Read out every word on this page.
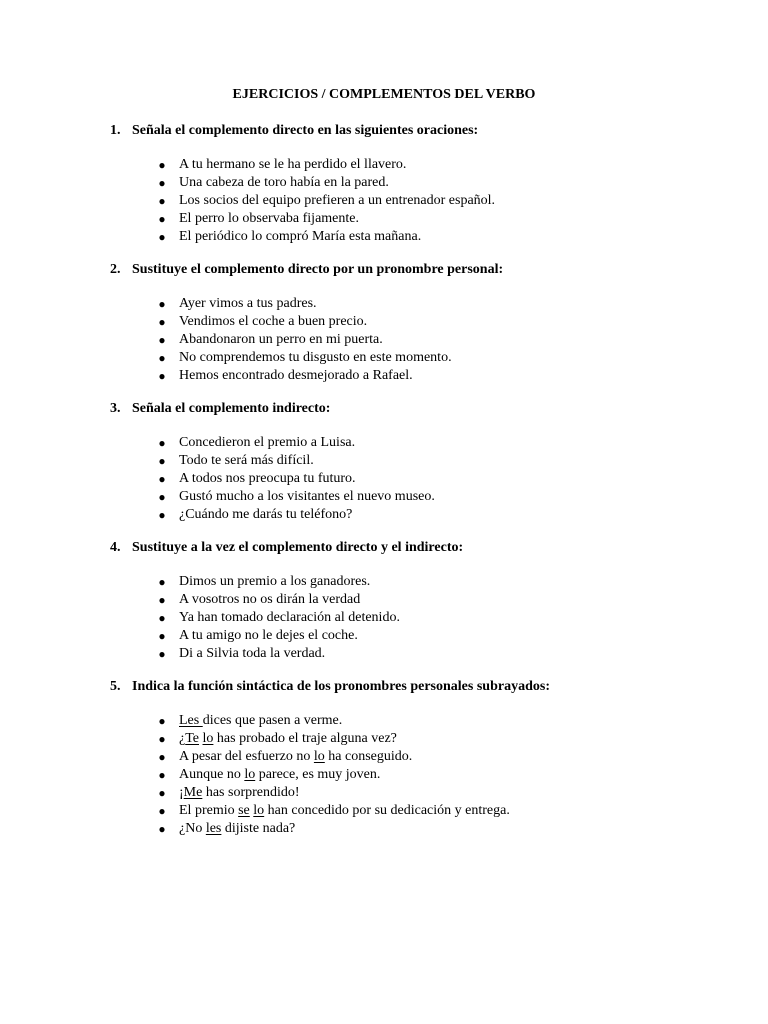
EJERCICIOS / COMPLEMENTOS DEL VERBO
1. Señala el complemento directo en las siguientes oraciones:
● A tu hermano se le ha perdido el llavero.
● Una cabeza de toro había en la pared.
● Los socios del equipo prefieren a un entrenador español.
● El perro lo observaba fijamente.
● El periódico lo compró María esta mañana.
2. Sustituye el complemento directo por un pronombre personal:
● Ayer vimos a tus padres.
● Vendimos el coche a buen precio.
● Abandonaron un perro en mi puerta.
● No comprendemos tu disgusto en este momento.
● Hemos encontrado desmejorado a Rafael.
3. Señala el complemento indirecto:
● Concedieron el premio a Luisa.
● Todo te será más difícil.
● A todos nos preocupa tu futuro.
● Gustó mucho a los visitantes el nuevo museo.
● ¿Cuándo me darás tu teléfono?
4. Sustituye a la vez el complemento directo y el indirecto:
● Dimos un premio a los ganadores.
● A vosotros no os dirán la verdad
● Ya han tomado declaración al detenido.
● A tu amigo no le dejes el coche.
● Di a Silvia toda la verdad.
5. Indica la función sintáctica de los pronombres personales subrayados:
● Les dices que pasen a verme.
● ¿Te lo has probado el traje alguna vez?
● A pesar del esfuerzo no lo ha conseguido.
● Aunque no lo parece, es muy joven.
● ¡Me has sorprendido!
● El premio se lo han concedido por su dedicación y entrega.
● ¿No les dijiste nada?
